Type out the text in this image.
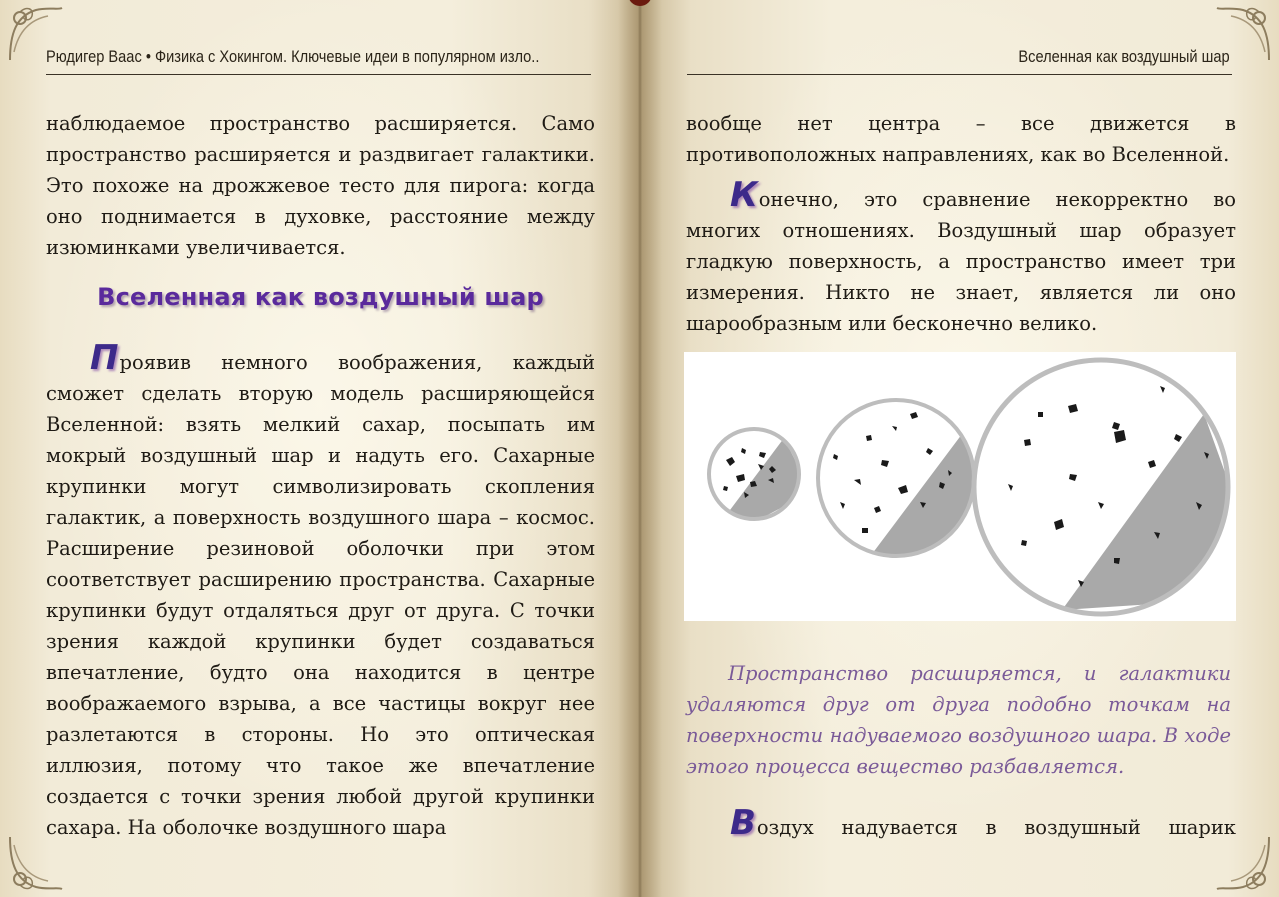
Рюдигер Ваас • Физика с Хокингом. Ключевые идеи в популярном изло..

наблюдаемое пространство расширяется. Само пространство расширяется и раздвигает галактики. Это похоже на дрожжевое тесто для пирога: когда оно поднимается в духовке, расстояние между изюминками увеличивается.

Вселенная как воздушный шар

Проявив немного воображения, каждый сможет сделать вторую модель расширяющейся Вселенной: взять мелкий сахар, посыпать им мокрый воздушный шар и надуть его. Сахарные крупинки могут символизировать скопления галактик, а поверхность воздушного шара – космос. Расширение резиновой оболочки при этом соответствует расширению пространства. Сахарные крупинки будут отдаляться друг от друга. С точки зрения каждой крупинки будет создаваться впечатление, будто она находится в центре воображаемого взрыва, а все частицы вокруг нее разлетаются в стороны. Но это оптическая иллюзия, потому что такое же впечатление создается с точки зрения любой другой крупинки сахара. На оболочке воздушного шара

Вселенная как воздушный шар

вообще нет центра – все движется в противоположных направлениях, как во Вселенной.

Конечно, это сравнение некорректно во многих отношениях. Воздушный шар образует гладкую поверхность, а пространство имеет три измерения. Никто не знает, является ли оно шарообразным или бесконечно велико.

Пространство расширяется, и галактики удаляются друг от друга подобно точкам на поверхности надуваемого воздушного шара. В ходе этого процесса вещество разбавляется.

Воздух надувается в воздушный шарик
